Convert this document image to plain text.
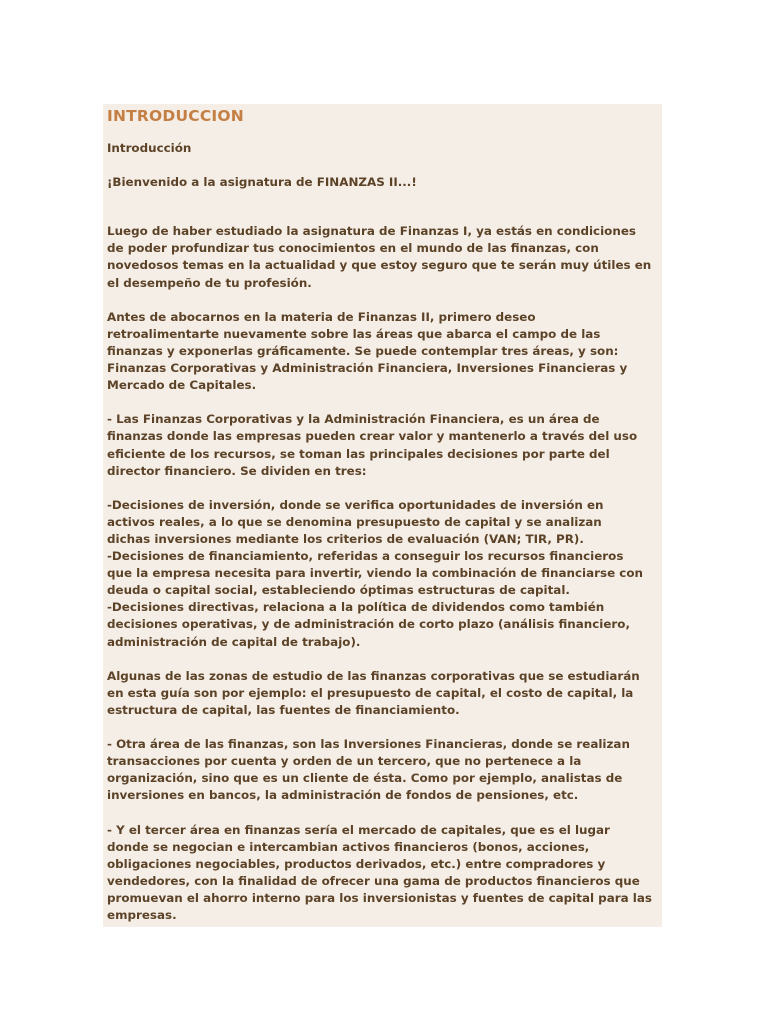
INTRODUCCION
Introducción
¡Bienvenido a la asignatura de FINANZAS II...!
Luego de haber estudiado la asignatura de Finanzas I, ya estás en condiciones
de poder profundizar tus conocimientos en el mundo de las finanzas, con
novedosos temas en la actualidad y que estoy seguro que te serán muy útiles en
el desempeño de tu profesión.
Antes de abocarnos en la materia de Finanzas II, primero deseo
retroalimentarte nuevamente sobre las áreas que abarca el campo de las
finanzas y exponerlas gráficamente. Se puede contemplar tres áreas, y son:
Finanzas Corporativas y Administración Financiera, Inversiones Financieras y
Mercado de Capitales.
- Las Finanzas Corporativas y la Administración Financiera, es un área de
finanzas donde las empresas pueden crear valor y mantenerlo a través del uso
eficiente de los recursos, se toman las principales decisiones por parte del
director financiero. Se dividen en tres:
-Decisiones de inversión, donde se verifica oportunidades de inversión en
activos reales, a lo que se denomina presupuesto de capital y se analizan
dichas inversiones mediante los criterios de evaluación (VAN; TIR, PR).
-Decisiones de financiamiento, referidas a conseguir los recursos financieros
que la empresa necesita para invertir, viendo la combinación de financiarse con
deuda o capital social, estableciendo óptimas estructuras de capital.
-Decisiones directivas, relaciona a la política de dividendos como también
decisiones operativas, y de administración de corto plazo (análisis financiero,
administración de capital de trabajo).
Algunas de las zonas de estudio de las finanzas corporativas que se estudiarán
en esta guía son por ejemplo: el presupuesto de capital, el costo de capital, la
estructura de capital, las fuentes de financiamiento.
- Otra área de las finanzas, son las Inversiones Financieras, donde se realizan
transacciones por cuenta y orden de un tercero, que no pertenece a la
organización, sino que es un cliente de ésta. Como por ejemplo, analistas de
inversiones en bancos, la administración de fondos de pensiones, etc.
- Y el tercer área en finanzas sería el mercado de capitales, que es el lugar
donde se negocian e intercambian activos financieros (bonos, acciones,
obligaciones negociables, productos derivados, etc.) entre compradores y
vendedores, con la finalidad de ofrecer una gama de productos financieros que
promuevan el ahorro interno para los inversionistas y fuentes de capital para las
empresas.
